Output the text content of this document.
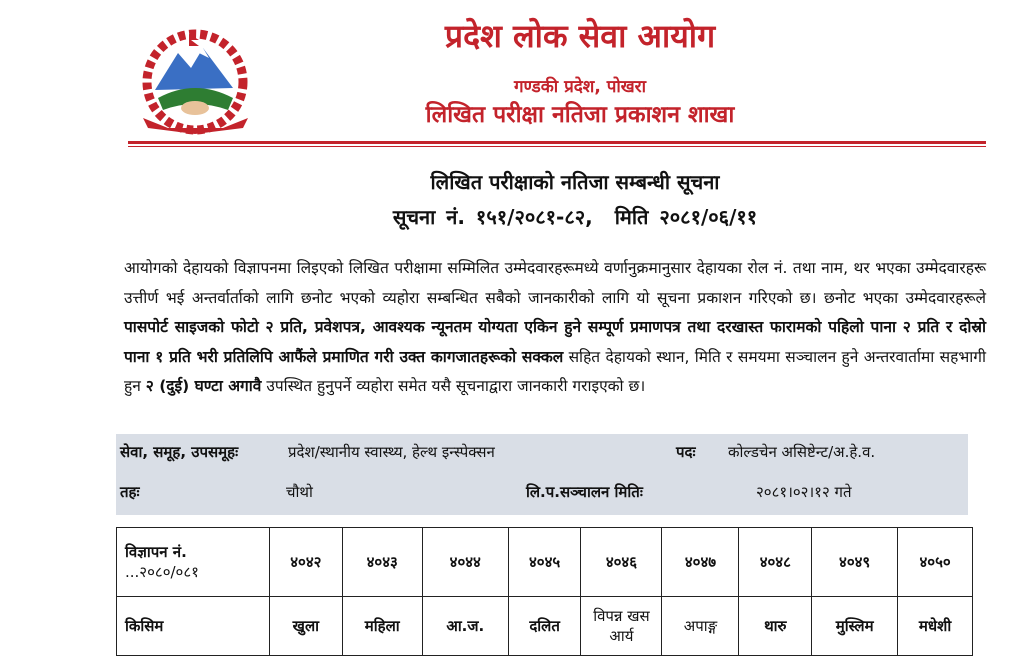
प्रदेश लोक सेवा आयोग
गण्डकी प्रदेश, पोखरा
लिखित परीक्षा नतिजा प्रकाशन शाखा
लिखित परीक्षाको नतिजा सम्बन्धी सूचना
सूचना नं. १५१/२०८१-८२, मिति २०८१/०६/११
आयोगको देहायको विज्ञापनमा लिइएको लिखित परीक्षामा सम्मिलित उम्मेदवारहरूमध्ये वर्णानुक्रमानुसार देहायका रोल नं. तथा नाम, थर भएका उम्मेदवारहरू उत्तीर्ण भई अन्तर्वार्ताको लागि छनोट भएको व्यहोरा सम्बन्धित सबैको जानकारीको लागि यो सूचना प्रकाशन गरिएको छ। छनोट भएका उम्मेदवारहरूले पासपोर्ट साइजको फोटो २ प्रति, प्रवेशपत्र, आवश्यक न्यूनतम योग्यता एकिन हुने सम्पूर्ण प्रमाणपत्र तथा दरखास्त फारामको पहिलो पाना २ प्रति र दोस्रो पाना १ प्रति भरी प्रतिलिपि आफैंले प्रमाणित गरी उक्त कागजातहरूको सक्कल सहित देहायको स्थान, मिति र समयमा सञ्चालन हुने अन्तरवार्तामा सहभागी हुन २ (दुई) घण्टा अगावै उपस्थित हुनुपर्ने व्यहोरा समेत यसै सूचनाद्वारा जानकारी गराइएको छ।
सेवा, समूह, उपसमूहः	प्रदेश/स्थानीय स्वास्थ्य, हेल्थ इन्स्पेक्सन	पदः कोल्डचेन असिष्टेन्ट/अ.हे.व.
तहः	चौथो	लि.प.सञ्चालन मितिः	२०८१।०२।१२ गते
विज्ञापन नं.
...२०८०/०८१	४०४२	४०४३	४०४४	४०४५	४०४६	४०४७	४०४८	४०४९	४०५०
किसिम	खुला	महिला	आ.ज.	दलित	विपन्न खस आर्य	अपाङ्ग	थारु	मुस्लिम	मधेशी
